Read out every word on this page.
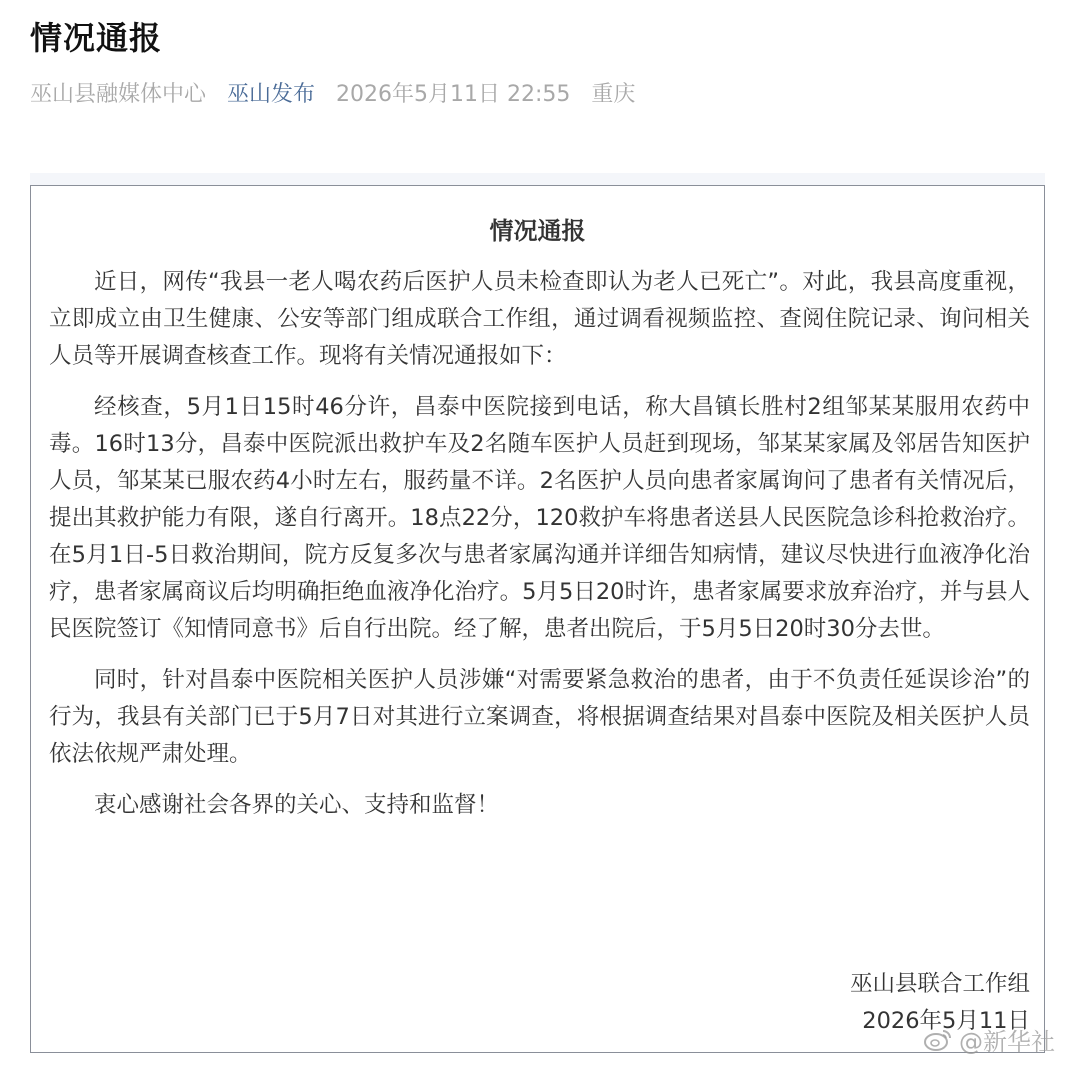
情况通报
巫山县融媒体中心 巫山发布 2026年5月11日 22:55 重庆
情况通报

近日，网传“我县一老人喝农药后医护人员未检查即认为老人已死亡”。对此，我县高度重视，立即成立由卫生健康、公安等部门组成联合工作组，通过调看视频监控、查阅住院记录、询问相关人员等开展调查核查工作。现将有关情况通报如下：

经核查，5月1日15时46分许，昌泰中医院接到电话，称大昌镇长胜村2组邹某某服用农药中毒。16时13分，昌泰中医院派出救护车及2名随车医护人员赶到现场，邹某某家属及邻居告知医护人员，邹某某已服农药4小时左右，服药量不详。2名医护人员向患者家属询问了患者有关情况后，提出其救护能力有限，遂自行离开。18点22分，120救护车将患者送县人民医院急诊科抢救治疗。在5月1日-5日救治期间，院方反复多次与患者家属沟通并详细告知病情，建议尽快进行血液净化治疗，患者家属商议后均明确拒绝血液净化治疗。5月5日20时许，患者家属要求放弃治疗，并与县人民医院签订《知情同意书》后自行出院。经了解，患者出院后，于5月5日20时30分去世。

同时，针对昌泰中医院相关医护人员涉嫌“对需要紧急救治的患者，由于不负责任延误诊治”的行为，我县有关部门已于5月7日对其进行立案调查，将根据调查结果对昌泰中医院及相关医护人员依法依规严肃处理。

衷心感谢社会各界的关心、支持和监督！

巫山县联合工作组
2026年5月11日
@新华社
